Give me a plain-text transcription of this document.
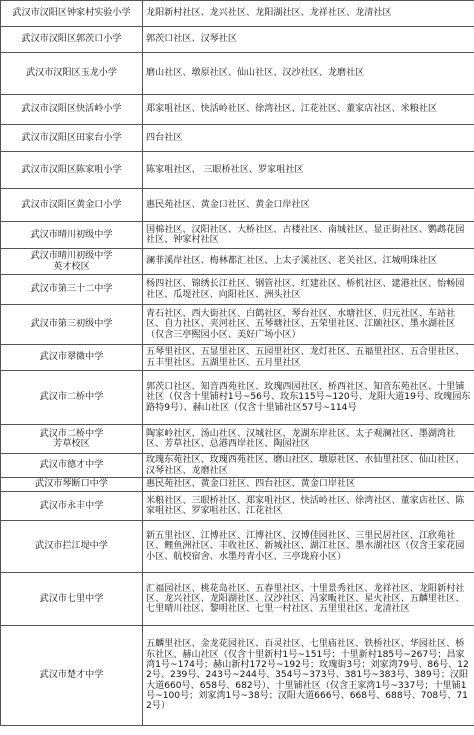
武汉市汉阳区钟家村实验小学	龙阳新村社区、龙兴社区、龙阳湖社区、龙祥社区、龙清社区

武汉市汉阳区郭茨口小学	郭茨口社区、汉琴社区

武汉市汉阳区玉龙小学	磨山社区、墩原社区、仙山社区、汉沙社区、龙磨社区

武汉市汉阳区快活岭小学	郑家咀社区、快活岭社区、徐湾社区、江花社区、董家店社区、米粮社区

武汉市汉阳区田家台小学	四台社区

武汉市汉阳区陈家咀小学	陈家咀社区、 三眼桥社区、罗家咀社区

武汉市汉阳区黄金口小学	惠民苑社区、黄金口社区、黄金口岸社区

武汉市晴川初级中学	国棉社区、汉阳社区、大桥社区、古楼社区、南城社区、显正街社区、鹦鹉花园社区、钟家村社区

武汉市晴川初级中学
英才校区	澜菲溪岸社区、梅林都汇社区、上太子溪社区、老关社区、江城明珠社区

武汉市第三十二中学	杨四社区、锦绣长江社区、钢管社区、红建社区、桥机社区、建港社区、怡畅园社区、瓜堤社区、向阳社区、洲头社区

武汉市第三初级中学	青石社区、西大街社区、白鹤社区、琴台社区、水塘社区、归元社区、车站社区、自力社区、夹河社区、五琴塘社区、五荣里社区、江颐社区、墨水湖社区（仅含三亭熙园小区、美好广场小区）

武汉市翠微中学	五琴里社区、五显里社区、五园里社区、龙灯社区、五福里社区、五合里社区、五丰里社区、五湖里社区、五月里社区

武汉市二桥中学	郭茨口社区、知音西苑社区、玫瑰西园社区、桥西社区、知音东苑社区、十里铺社区（仅含十里铺村1号~56号、玫东115号~120号、龙阳大道19号、玫瑰园东路特9号）、赫山社区（仅含十里铺社区57号~114号

武汉市二桥中学
芳草校区	陶家岭社区、汤山社区、汉城社区、龙湖东岸社区、太子观澜社区、墨湖湾社区、芳草社区、总港西岸社区、陶园社区

武汉市德才中学	玫瑰东苑社区、玫瑰西苑社区、磨山社区、墩原社区、水仙里社区、仙山社区、汉琴社区、龙磨社区

武汉市琴断口中学	惠民苑社区、黄金口社区、四台社区、黄金口岸社区

武汉市永丰中学	米粮社区、三眼桥社区、郑家咀社区、快活岭社区、徐湾社区、董家店社区、陈家咀社区、罗家咀社区、江花社区

武汉市拦江堤中学	新五里社区、江博社区、江博社区、汉博佳园社区、三里民居社区、江欣苑社区、鲤鱼洲社区、丰收社区、新城社区、湖江社区、墨水湖社区（仅含王家花园小区、航校宿舍、水墨丹青小区、三亭珑府小区）

武汉市七里中学	汇福园社区、桃花岛社区、五春里社区、十里景秀社区、龙祥社区、龙阳新村社区、龙兴社区、龙阳湖社区、汉沙社区、冯家畈社区、星火社区、五麟里社区、七里晴川社区、黎明社区、七里一村社区、五里里社区、龙清社区

武汉市楚才中学	五麟里社区、金龙花园社区、百灵社区、七里庙社区、铁桥社区、华园社区、桥东社区、赫山社区（仅含十里新村1号~151号；十里新村185号~267号；昌家湾1号~174号；赫山新村172号~192号；玫瑰街3号；刘家湾79号、86号、122号、239号、243号~244号、354号~373号、381号~383号、389号；汉阳大道660号、658号、682号）、十里铺社区（仅含王家湾1号~337号；十里铺1号~100号；刘家湾1号~38号；汉阳大道666号、668号、688号、708号、712号）
